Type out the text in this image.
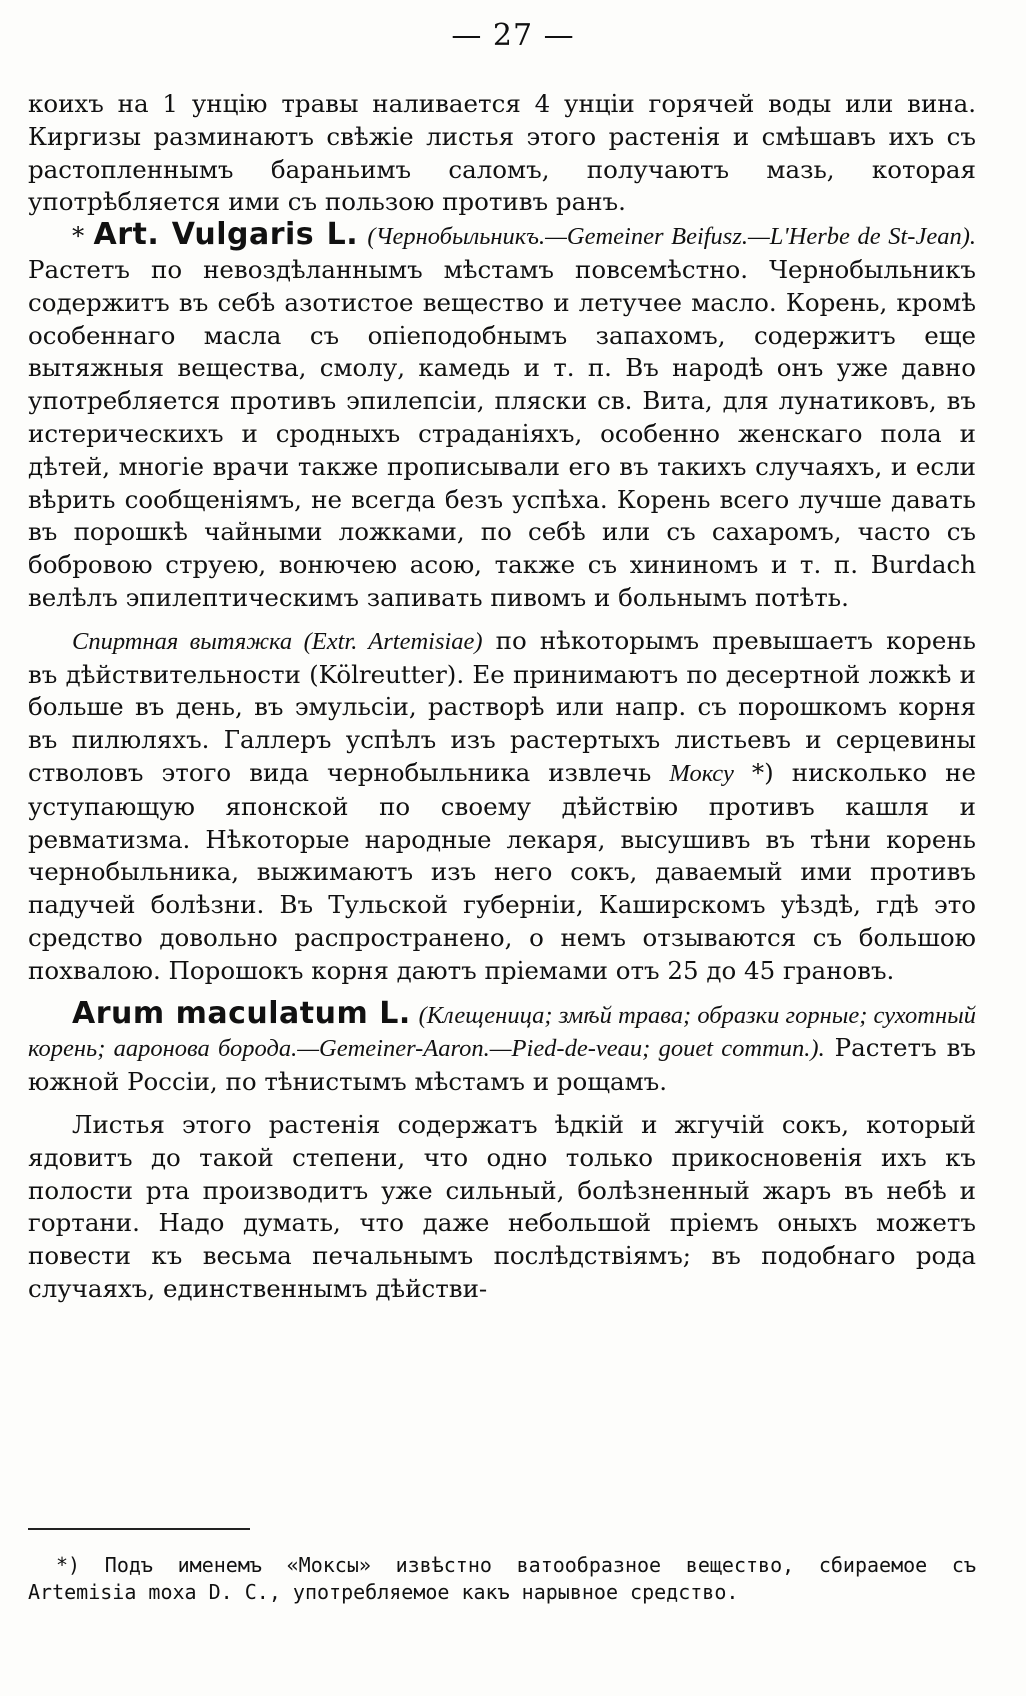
— 27 —

коихъ на 1 унцію травы наливается 4 унціи горячей воды или вина. Киргизы разминаютъ свѣжіе листья этого растенія и смѣшавъ ихъ съ растопленнымъ бараньимъ саломъ, получаютъ мазь, которая употрѣбляется ими съ пользою противъ ранъ.

* Art. Vulgaris L. (Чернобыльникъ.—Gemeiner Beifusz.—L'Herbe de St-Jean). Растетъ по невоздѣланнымъ мѣстамъ повсемѣстно. Чернобыльникъ содержитъ въ себѣ азотистое вещество и летучее масло. Корень, кромѣ особеннаго масла съ опіеподобнымъ запахомъ, содержитъ еще вытяжныя вещества, смолу, камедь и т. п. Въ народѣ онъ уже давно употребляется противъ эпилепсіи, пляски св. Вита, для лунатиковъ, въ истерическихъ и сродныхъ страданіяхъ, особенно женскаго пола и дѣтей, многіе врачи также прописывали его въ такихъ случаяхъ, и если вѣрить сообщеніямъ, не всегда безъ успѣха. Корень всего лучше давать въ порошкѣ чайными ложками, по себѣ или съ сахаромъ, часто съ бобровою струею, вонючею асою, также съ хининомъ и т. п. Burdach велѣлъ эпилептическимъ запивать пивомъ и больнымъ потѣть.

Спиртная вытяжка (Extr. Artemisiae) по нѣкоторымъ превышаетъ корень въ дѣйствительности (Kölreutter). Ее принимаютъ по десертной ложкѣ и больше въ день, въ эмульсіи, растворѣ или напр. съ порошкомъ корня въ пилюляхъ. Галлеръ успѣлъ изъ растертыхъ листьевъ и серцевины стволовъ этого вида чернобыльника извлечь Моксу *) нисколько не уступающую японской по своему дѣйствію противъ кашля и ревматизма. Нѣкоторые народные лекаря, высушивъ въ тѣни корень чернобыльника, выжимаютъ изъ него сокъ, даваемый ими противъ падучей болѣзни. Въ Тульской губерніи, Каширскомъ уѣздѣ, гдѣ это средство довольно распространено, о немъ отзываются съ большою похвалою. Порошокъ корня даютъ пріемами отъ 25 до 45 грановъ.

Arum maculatum L. (Клещеница; змѣй трава; образки горные; сухотный корень; ааронова борода.—Gemeiner-Aaron.—Pied-de-veau; gouet commun.). Растетъ въ южной Россіи, по тѣнистымъ мѣстамъ и рощамъ.

Листья этого растенія содержатъ ѣдкій и жгучій сокъ, который ядовитъ до такой степени, что одно только прикосновенія ихъ къ полости рта производитъ уже сильный, болѣзненный жаръ въ небѣ и гортани. Надо думать, что даже небольшой пріемъ оныхъ можетъ повести къ весьма печальнымъ послѣдствіямъ; въ подобнаго рода случаяхъ, единственнымъ дѣйстви-

*) Подъ именемъ «Моксы» извѣстно ватообразное вещество, сбираемое съ Artemisia moxa D. C., употребляемое какъ нарывное средство.
